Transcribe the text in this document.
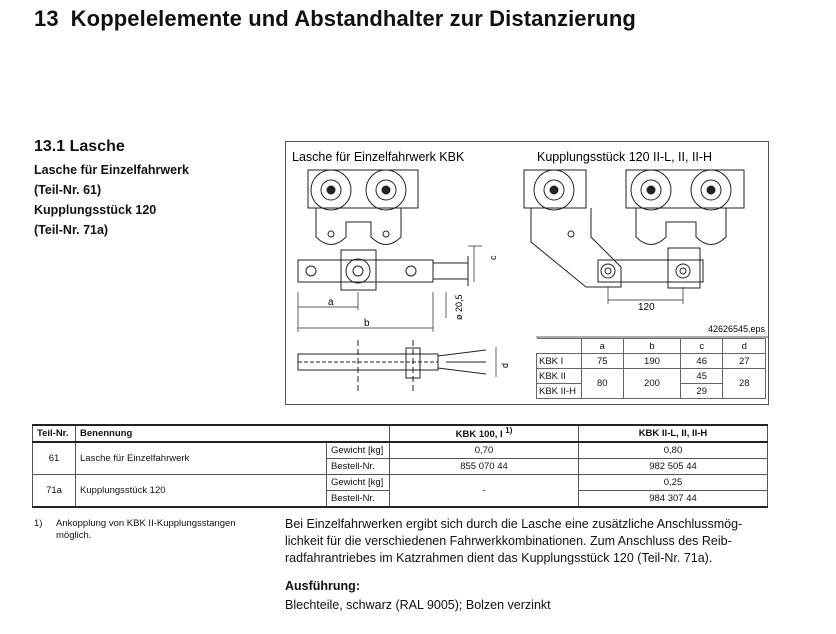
13 Koppelelemente und Abstandhalter zur Distanzierung
13.1 Lasche
Lasche für Einzelfahrwerk
(Teil-Nr. 61)
Kupplungsstück 120
(Teil-Nr. 71a)
Lasche für Einzelfahrwerk KBK	Kupplungsstück 120 II-L, II, II-H
a
b
c
ø 20,5
d
120
42626545.eps
	a	b	c	d
KBK I	75	190	46	27
KBK II	80	200	45	28
KBK II-H			29	
Teil-Nr.	Benennung		KBK 100, I $^{1)}$	KBK II-L, II, II-H
61	Lasche für Einzelfahrwerk	Gewicht [kg]	0,70	0,80
		Bestell-Nr.	855 070 44	982 505 44
71a	Kupplungsstück 120	Gewicht [kg]	-	0,25
		Bestell-Nr.		984 307 44
1) Ankopplung von KBK II-Kupplungsstangen möglich.
Bei Einzelfahrwerken ergibt sich durch die Lasche eine zusätzliche Anschlussmöglichkeit für die verschiedenen Fahrwerkkombinationen. Zum Anschluss des Reibradfahrantriebes im Katzrahmen dient das Kupplungsstück 120 (Teil-Nr. 71a).
Ausführung:
Blechteile, schwarz (RAL 9005); Bolzen verzinkt
